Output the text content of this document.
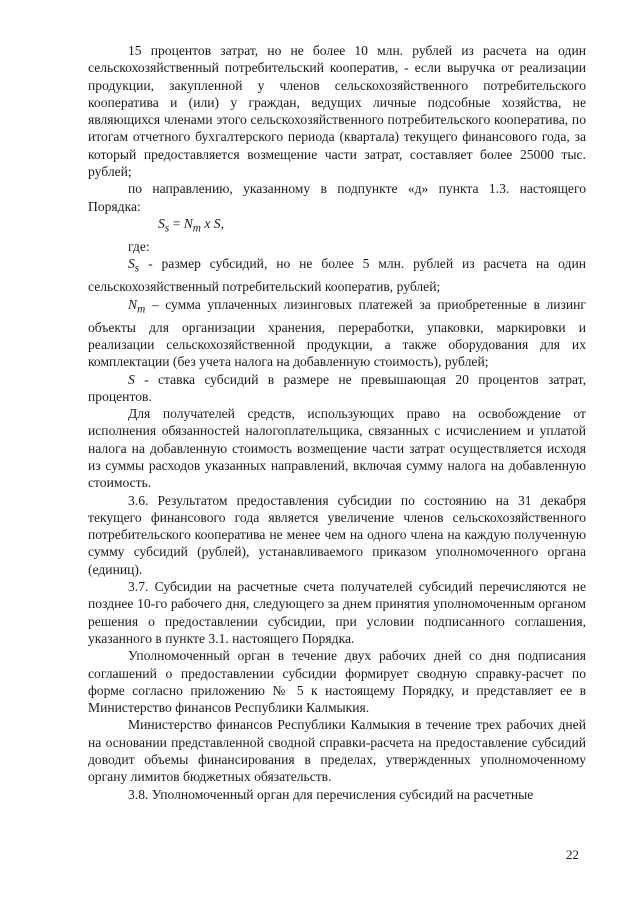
15 процентов затрат, но не более 10 млн. рублей из расчета на один сельскохозяйственный потребительский кооператив, - если выручка от реализации продукции, закупленной у членов сельскохозяйственного потребительского кооператива и (или) у граждан, ведущих личные подсобные хозяйства, не являющихся членами этого сельскохозяйственного потребительского кооператива, по итогам отчетного бухгалтерского периода (квартала) текущего финансового года, за который предоставляется возмещение части затрат, составляет более 25000 тыс. рублей;

по направлению, указанному в подпункте «д» пункта 1.3. настоящего Порядка:

$S_s = N_m$ x S,

где:

$S_s$ - размер субсидий, но не более 5 млн. рублей из расчета на один сельскохозяйственный потребительский кооператив, рублей;

$N_m$ – сумма уплаченных лизинговых платежей за приобретенные в лизинг объекты для организации хранения, переработки, упаковки, маркировки и реализации сельскохозяйственной продукции, а также оборудования для их комплектации (без учета налога на добавленную стоимость), рублей;

S - ставка субсидий в размере не превышающая 20 процентов затрат, процентов.

Для получателей средств, использующих право на освобождение от исполнения обязанностей налогоплательщика, связанных с исчислением и уплатой налога на добавленную стоимость возмещение части затрат осуществляется исходя из суммы расходов указанных направлений, включая сумму налога на добавленную стоимость.

3.6. Результатом предоставления субсидии по состоянию на 31 декабря текущего финансового года является увеличение членов сельскохозяйственного потребительского кооператива не менее чем на одного члена на каждую полученную сумму субсидий (рублей), устанавливаемого приказом уполномоченного органа (единиц).

3.7. Субсидии на расчетные счета получателей субсидий перечисляются не позднее 10-го рабочего дня, следующего за днем принятия уполномоченным органом решения о предоставлении субсидии, при условии подписанного соглашения, указанного в пункте 3.1. настоящего Порядка.

Уполномоченный орган в течение двух рабочих дней со дня подписания соглашений о предоставлении субсидии формирует сводную справку-расчет по форме согласно приложению № 5 к настоящему Порядку, и представляет ее в Министерство финансов Республики Калмыкия.

Министерство финансов Республики Калмыкия в течение трех рабочих дней на основании представленной сводной справки-расчета на предоставление субсидий доводит объемы финансирования в пределах, утвержденных уполномоченному органу лимитов бюджетных обязательств.

3.8. Уполномоченный орган для перечисления субсидий на расчетные

22
